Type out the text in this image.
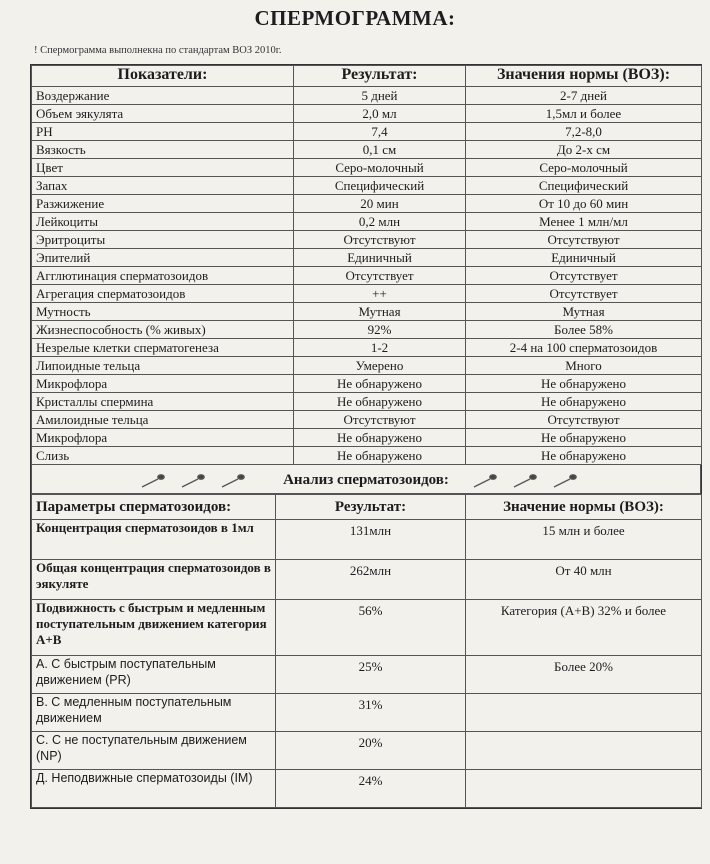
СПЕРМОГРАММА:
! Спермограмма выполнекна по стандартам ВОЗ 2010г.
Показатели:	Результат:	Значения нормы (ВОЗ):
Воздержание	5 дней	2-7 дней
Объем эякулята	2,0 мл	1,5мл и более
PH	7,4	7,2-8,0
Вязкость	0,1 см	До 2-х см
Цвет	Серо-молочный	Серо-молочный
Запах	Специфический	Специфический
Разжижение	20 мин	От 10 до 60 мин
Лейкоциты	0,2 млн	Менее 1 млн/мл
Эритроциты	Отсутствуют	Отсутствуют
Эпителий	Единичный	Единичный
Агглютинация сперматозоидов	Отсутствует	Отсутствует
Агрегация сперматозоидов	++	Отсутствует
Мутность	Мутная	Мутная
Жизнеспособность (% живых)	92%	Более 58%
Незрелые клетки сперматогенеза	1-2	2-4 на 100 сперматозоидов
Липоидные тельца	Умерено	Много
Микрофлора	Не обнаружено	Не обнаружено
Кристаллы спермина	Не обнаружено	Не обнаружено
Амилоидные тельца	Отсутствуют	Отсутствуют
Микрофлора	Не обнаружено	Не обнаружено
Слизь	Не обнаружено	Не обнаружено
Анализ сперматозоидов:
Параметры сперматозоидов:	Результат:	Значение нормы (ВОЗ):
Концентрация сперматозоидов в 1мл	131млн	15 млн и более
Общая концентрация сперматозоидов в эякуляте	262млн	От 40 млн
Подвижность с быстрым и медленным поступательным движением категория А+В	56%	Категория (А+В) 32% и более
А. С быстрым поступательным движением (PR)	25%	Более 20%
В. С медленным поступательным движением	31%	
С. С не поступательным движением (NP)	20%	
Д. Неподвижные сперматозоиды (IM)	24%	
